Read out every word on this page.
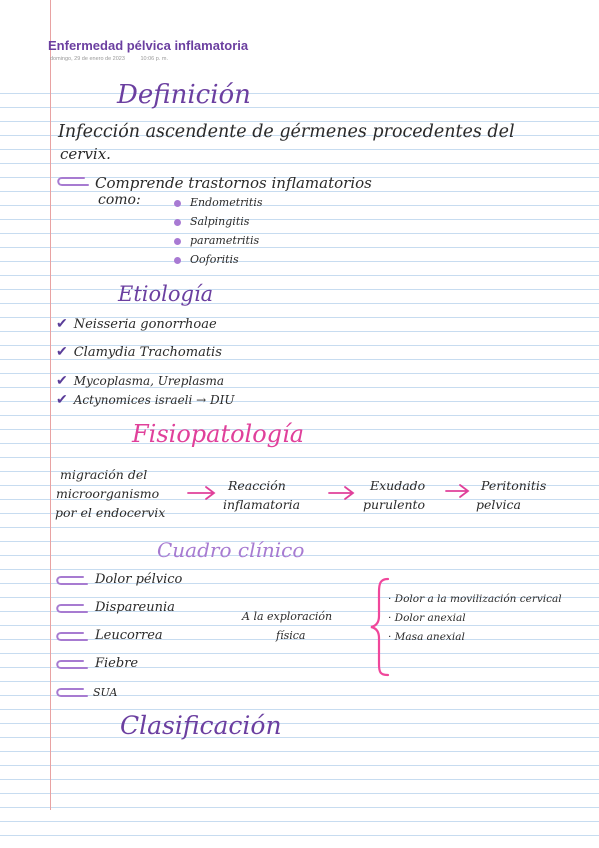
Enfermedad pélvica inflamatoria
domingo, 29 de enero de 2023	10:06 p. m.
Definición
Infección ascendente de gérmenes procedentes del
cervix.
Comprende trastornos inflamatorios
como:	Endometritis
Salpingitis
parametritis
Ooforitis
Etiología
✔ Neisseria gonorrhoae
✔ Clamydia Trachomatis
✔ Mycoplasma, Ureplasma
✔ Actynomices israeli → DIU
Fisiopatología
migración del
microorganismo
por el endocervix
Reacción
inflamatoria
Exudado
purulento
Peritonitis
pelvica
Cuadro clínico
Dolor pélvico
Dispareunia
Leucorrea
Fiebre
SUA
A la exploración
física
· Dolor a la movilización cervical
· Dolor anexial
· Masa anexial
Clasificación
